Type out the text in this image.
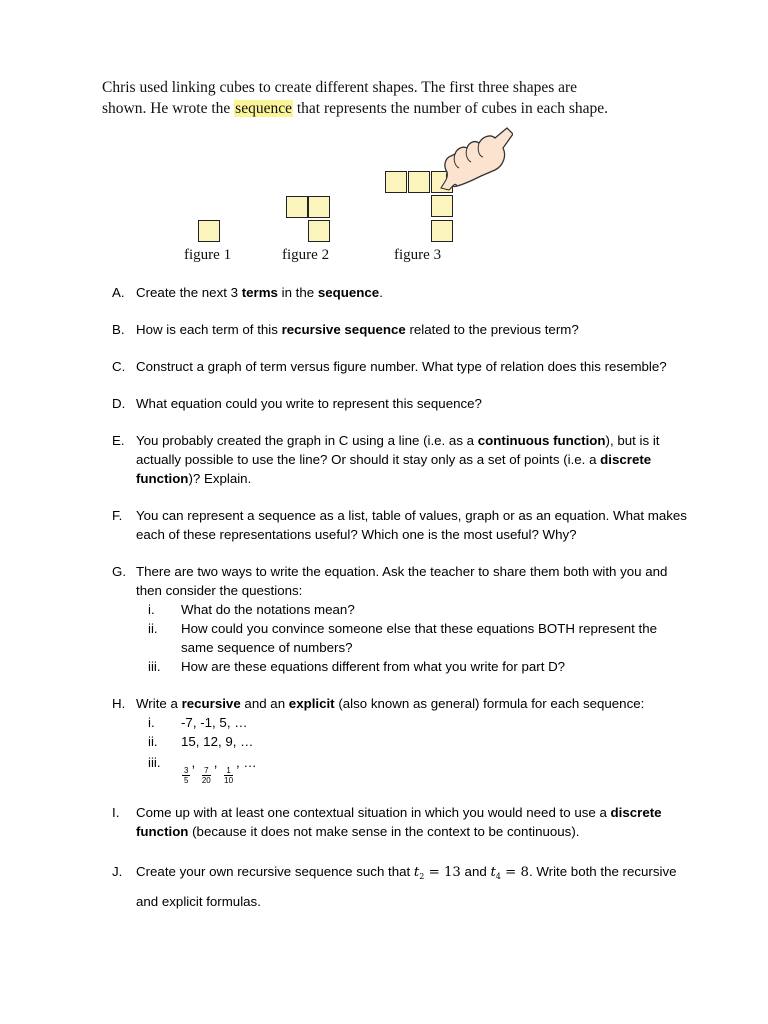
Chris used linking cubes to create different shapes. The first three shapes are shown. He wrote the sequence that represents the number of cubes in each shape.
figure 1	figure 2	figure 3
A. Create the next 3 terms in the sequence.
B. How is each term of this recursive sequence related to the previous term?
C. Construct a graph of term versus figure number. What type of relation does this resemble?
D. What equation could you write to represent this sequence?
E. You probably created the graph in C using a line (i.e. as a continuous function), but is it actually possible to use the line? Or should it stay only as a set of points (i.e. a discrete function)? Explain.
F. You can represent a sequence as a list, table of values, graph or as an equation. What makes each of these representations useful? Which one is the most useful? Why?
G. There are two ways to write the equation. Ask the teacher to share them both with you and then consider the questions:
i. What do the notations mean?
ii. How could you convince someone else that these equations BOTH represent the same sequence of numbers?
iii. How are these equations different from what you write for part D?
H. Write a recursive and an explicit (also known as general) formula for each sequence:
i. -7, -1, 5, …
ii. 15, 12, 9, …
iii.
$\frac{3}{5}$
,
$\frac{7}{20}$
,
$\frac{1}{10}$
, …
I. Come up with at least one contextual situation in which you would need to use a discrete function (because it does not make sense in the context to be continuous).
J. Create your own recursive sequence such that $t_2 = 13$ and $t_4 = 8$. Write both the recursive and explicit formulas.
